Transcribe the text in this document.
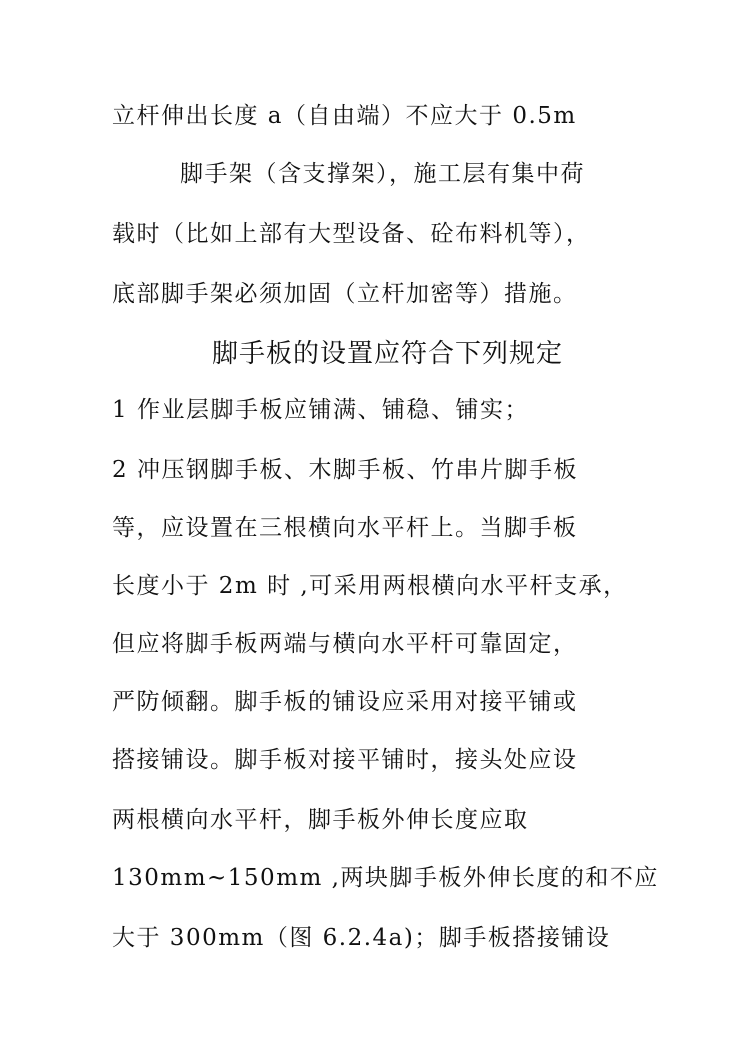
立杆伸出长度 a（自由端）不应大于 0.5m
脚手架（含支撑架），施工层有集中荷
载时（比如上部有大型设备、砼布料机等），
底部脚手架必须加固（立杆加密等）措施。
脚手板的设置应符合下列规定
1 作业层脚手板应铺满、铺稳、铺实；
2 冲压钢脚手板、木脚手板、竹串片脚手板
等，应设置在三根横向水平杆上。当脚手板
长度小于 2m 时 ,可采用两根横向水平杆支承，
但应将脚手板两端与横向水平杆可靠固定，
严防倾翻。脚手板的铺设应采用对接平铺或
搭接铺设。脚手板对接平铺时，接头处应设
两根横向水平杆，脚手板外伸长度应取
130mm~150mm ,两块脚手板外伸长度的和不应
大于 300mm（图 6.2.4a)；脚手板搭接铺设
